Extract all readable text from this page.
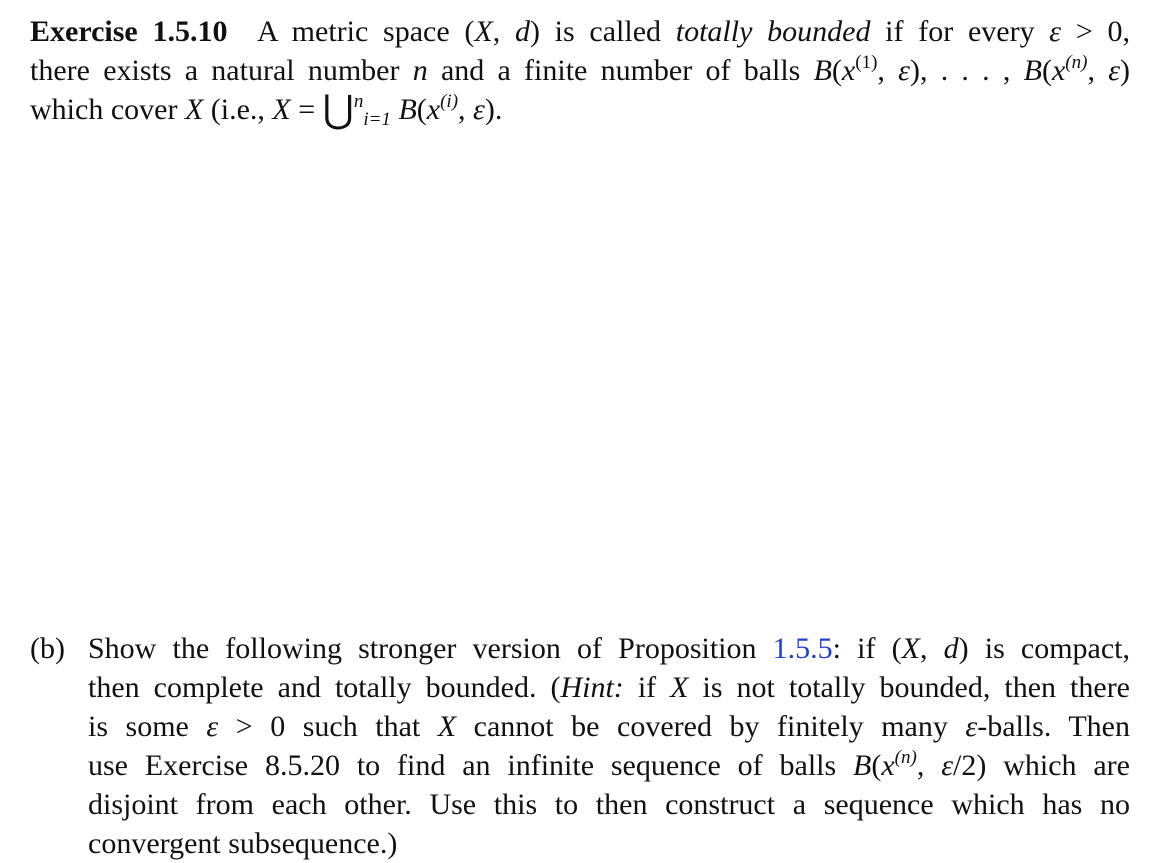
Exercise 1.5.10 A metric space (X, d) is called totally bounded if for every ε > 0,
there exists a natural number n and a finite number of balls $B(x^{(1)}$, ε), . . . , $B(x^{(n)}$, ε)
which cover X (i.e., X = ⋃$^n_{i=1}$ $B(x^{(i)}$, ε).
(b) Show the following stronger version of Proposition 1.5.5: if (X, d) is compact,
then complete and totally bounded. (Hint: if X is not totally bounded, then there
is some ε > 0 such that X cannot be covered by finitely many ε-balls. Then
use Exercise 8.5.20 to find an infinite sequence of balls $B(x^{(n)}$, ε/2) which are
disjoint from each other. Use this to then construct a sequence which has no
convergent subsequence.)
